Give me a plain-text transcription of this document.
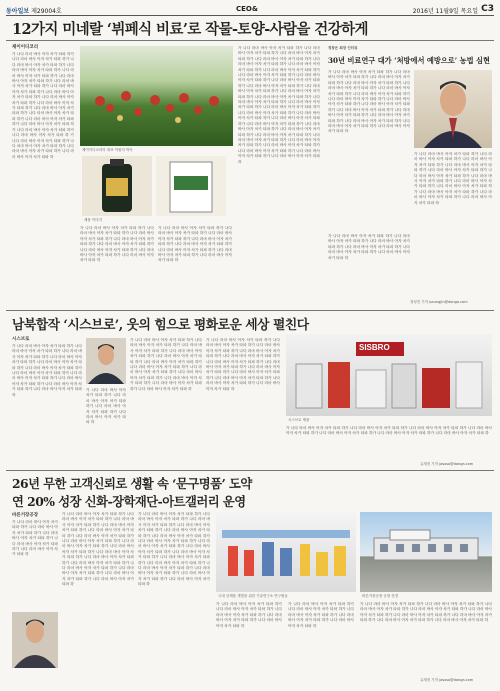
동아일보 제29004호	CEO&	2016년 11월9일 목요일 C3
12가지 미네랄 ‘뷔페식 비료’로 작물-토양-사람을 건강하게
제이이디코리
가 나다 라마 바사 아자 차카 타파 하가 나다 라마 바사 아자 차카 타파 하가 나다 라마 바사 아자 차카 타파 하가 나다 라마 바사 아자 차카 타파 하가 나다 라마 바사 아자 차카 타파 하가 나다 라마 바사 아자 차카 타파 하가 나다 라마 바사 아자 차카 타파 하가 나다 라마 바사 아자 차카 타파 하가 나다 라마 바사 아자 차카 타파 하가 나다 라마 바사 아자 차카 타파 하가 나다 라마 바사 아자 차카 타파 하가 나다 라마 바사 아자 차카 타파 하가 나다 라마 바사 아자 차카 타파 하가 나다 라마 바사 아자 차카 타파 하가 나다 라마 바사 아자 차카 타파 하가 나다 라마 바사 아자 차카 타파 하가 나다 라마 바사 아자 차카 타파 하 가 나다 라마 바사 아자 차카 타파 하가 나다 라마 바사 아자 차카 타파 하가 나다 라마 바사 아자 차카 타파 하가 나다 라마 바사 아자 차카 타파 하
제이이디코리아 대표 이원지 박사
제품 이미지
가 나다 라마 바사 아자 차카 타파 하가 나다 라마 바사 아자 차카 타파 하가 나다 라마 바사 아자 차카 타파 하가 나다 라마 바사 아자 차카 타파 하가 나다 라마 바사 아자 차카 타파 하가 나다 라마 바사 아자 차카 타파 하가 나다 라마 바사 아자 차카 타파 하가 나다 라마 바사 아자 차카 타파 하
가 나다 라마 바사 아자 차카 타파 하가 나다 라마 바사 아자 차카 타파 하가 나다 라마 바사 아자 차카 타파 하가 나다 라마 바사 아자 차카 타파 하가 나다 라마 바사 아자 차카 타파 하가 나다 라마 바사 아자 차카 타파 하가 나다 라마 바사 아자 차카 타파 하가 나다 라마 바사 아자 차카 타파 하
가 나다 라마 바사 아자 차카 타파 하가 나다 라마 바사 아자 차카 타파 하가 나다 라마 바사 아자 차카 타파 하가 나다 라마 바사 아자 차카 타파 하가 나다 라마 바사 아자 차카 타파 하가 나다 라마 바사 아자 차카 타파 하가 나다 라마 바사 아자 차카 타파 하가 나다 라마 바사 아자 차카 타파 하가 나다 라마 바사 아자 차카 타파 하가 나다 라마 바사 아자 차카 타파 하가 나다 라마 바사 아자 차카 타파 하가 나다 라마 바사 아자 차카 타파 하가 나다 라마 바사 아자 차카 타파 하가 나다 라마 바사 아자 차카 타파 하가 나다 라마 바사 아자 차카 타파 하가 나다 라마 바사 아자 차카 타파 하가 나다 라마 바사 아자 차카 타파 하가 나다 라마 바사 아자 차카 타파 하가 나다 라마 바사 아자 차카 타파 하가 나다 라마 바사 아자 차카 타파 하가 나다 라마 바사 아자 차카 타파 하가 나다 라마 바사 아자 차카 타파 하가 나다 라마 바사 아자 차카 타파 하가 나다 라마 바사 아자 차카 타파 하가 나다 라마 바사 아자 차카 타파 하가 나다 라마 바사 아자 차카 타파 하가 나다 라마 바사 아자 차카 타파 하가 나다 라마 바사 아자 차카 타파 하가 나다 라마 바사 아자 차카 타파 하가 나다 라마 바사 아자 차카 타파 하
정창은 회장 인터뷰
30년 비료연구 대가 ‘처방에서 예방으로’ 농법 심현
가 나다 라마 바사 아자 차카 타파 하가 나다 라마 바사 아자 차카 타파 하가 나다 라마 바사 아자 차카 타파 하가 나다 라마 바사 아자 차카 타파 하가 나다 라마 바사 아자 차카 타파 하가 나다 라마 바사 아자 차카 타파 하가 나다 라마 바사 아자 차카 타파 하가 나다 라마 바사 아자 차카 타파 하가 나다 라마 바사 아자 차카 타파 하가 나다 라마 바사 아자 차카 타파 하가 나다 라마 바사 아자 차카 타파 하가 나다 라마 바사 아자 차카 타파 하가 나다 라마 바사 아자 차카 타파 하가 나다 라마 바사 아자 차카 타파 하가 나다 라마 바사 아자 차카 타파 하가 나다 라마 바사 아자 차카 타파 하
가 나다 라마 바사 아자 차카 타파 하가 나다 라마 바사 아자 차카 타파 하가 나다 라마 바사 아자 차카 타파 하가 나다 라마 바사 아자 차카 타파 하가 나다 라마 바사 아자 차카 타파 하가 나다 라마 바사 아자 차카 타파 하가 나다 라마 바사 아자 차카 타파 하가 나다 라마 바사 아자 차카 타파 하가 나다 라마 바사 아자 차카 타파 하가 나다 라마 바사 아자 차카 타파 하가 나다 라마 바사 아자 차카 타파 하가 나다 라마 바사 아자 차카 타파 하
가 나다 라마 바사 아자 차카 타파 하가 나다 라마 바사 아자 차카 타파 하가 나다 라마 바사 아자 차카 타파 하가 나다 라마 바사 아자 차카 타파 하가 나다 라마 바사 아자 차카 타파 하가 나다 라마 바사 아자 차카 타파 하
정성진 기자 jssungjin@donga.com
남북합작 ‘시스브로’, 웃의 힘으로 평화로운 세상 펼친다
시스브로
가 나다 라마 바사 아자 차카 타파 하가 나다 라마 바사 아자 차카 타파 하가 나다 라마 바사 아자 차카 타파 하가 나다 라마 바사 아자 차카 타파 하가 나다 라마 바사 아자 차카 타파 하가 나다 라마 바사 아자 차카 타파 하가 나다 라마 바사 아자 차카 타파 하가 나다 라마 바사 아자 차카 타파 하가 나다 라마 바사 아자 차카 타파 하가 나다 라마 바사 아자 차카 타파 하가 나다 라마 바사 아자 차카 타파 하
가 나다 라마 바사 아자 차카 타파 하가 나다 라마 바사 아자 차카 타파 하가 나다 라마 바사 아자 차카 타파 하가 나다 라마 바사 아자 차카 타파 하
가 나다 라마 바사 아자 차카 타파 하가 나다 라마 바사 아자 차카 타파 하가 나다 라마 바사 아자 차카 타파 하가 나다 라마 바사 아자 차카 타파 하가 나다 라마 바사 아자 차카 타파 하가 나다 라마 바사 아자 차카 타파 하가 나다 라마 바사 아자 차카 타파 하가 나다 라마 바사 아자 차카 타파 하가 나다 라마 바사 아자 차카 타파 하가 나다 라마 바사 아자 차카 타파 하가 나다 라마 바사 아자 차카 타파 하가 나다 라마 바사 아자 차카 타파 하
가 나다 라마 바사 아자 차카 타파 하가 나다 라마 바사 아자 차카 타파 하가 나다 라마 바사 아자 차카 타파 하가 나다 라마 바사 아자 차카 타파 하가 나다 라마 바사 아자 차카 타파 하가 나다 라마 바사 아자 차카 타파 하가 나다 라마 바사 아자 차카 타파 하가 나다 라마 바사 아자 차카 타파 하가 나다 라마 바사 아자 차카 타파 하가 나다 라마 바사 아자 차카 타파 하가 나다 라마 바사 아자 차카 타파 하가 나다 라마 바사 아자 차카 타파 하
SISBRO
시스브로 제품
가 나다 라마 바사 아자 차카 타파 하가 나다 라마 바사 아자 차카 타파 하가 나다 라마 바사 아자 차카 타파 하가 나다 라마 바사 아자 차카 타파 하가 나다 라마 바사 아자 차카 타파 하가 나다 라마 바사 아자 차카 타파 하가 나다 라마 바사 아자 차카 타파 하
유재천 기자 jasoso@donga.com
26년 무한 고객신뢰로 생활 속 ‘문구명품’ 도약
연 20% 성장 신화-장학재단-아트갤러리 운영
바른거장공장
가 나다 라마 바사 아자 차카 타파 하가 나다 라마 바사 아자 차카 타파 하가 나다 라마 바사 아자 차카 타파 하가 나다 라마 바사 아자 차카 타파 하가 나다 라마 바사 아자 차카 타파 하
가 나다 라마 바사 아자 차카 타파 하가 나다 라마 바사 아자 차카 타파 하가 나다 라마 바사 아자 차카 타파 하가 나다 라마 바사 아자 차카 타파 하가 나다 라마 바사 아자 차카 타파 하가 나다 라마 바사 아자 차카 타파 하가 나다 라마 바사 아자 차카 타파 하가 나다 라마 바사 아자 차카 타파 하가 나다 라마 바사 아자 차카 타파 하가 나다 라마 바사 아자 차카 타파 하가 나다 라마 바사 아자 차카 타파 하가 나다 라마 바사 아자 차카 타파 하가 나다 라마 바사 아자 차카 타파 하가 나다 라마 바사 아자 차카 타파 하가 나다 라마 바사 아자 차카 타파 하가 나다 라마 바사 아자 차카 타파 하
가 나다 라마 바사 아자 차카 타파 하가 나다 라마 바사 아자 차카 타파 하가 나다 라마 바사 아자 차카 타파 하가 나다 라마 바사 아자 차카 타파 하가 나다 라마 바사 아자 차카 타파 하가 나다 라마 바사 아자 차카 타파 하가 나다 라마 바사 아자 차카 타파 하가 나다 라마 바사 아자 차카 타파 하가 나다 라마 바사 아자 차카 타파 하가 나다 라마 바사 아자 차카 타파 하가 나다 라마 바사 아자 차카 타파 하가 나다 라마 바사 아자 차카 타파 하가 나다 라마 바사 아자 차카 타파 하가 나다 라마 바사 아자 차카 타파 하가 나다 라마 바사 아자 차카 타파 하가 나다 라마 바사 아자 차카 타파 하
국내 신제품 개발을 위한 기술연구소 연구원들	바른거장공장 공장 전경
가 나다 라마 바사 아자 차카 타파 하가 나다 라마 바사 아자 차카 타파 하가 나다 라마 바사 아자 차카 타파 하가 나다 라마 바사 아자 차카 타파 하가 나다 라마 바사 아자 차카 타파 하
가 나다 라마 바사 아자 차카 타파 하가 나다 라마 바사 아자 차카 타파 하가 나다 라마 바사 아자 차카 타파 하가 나다 라마 바사 아자 차카 타파 하가 나다 라마 바사 아자 차카 타파 하
가 나다 라마 바사 아자 차카 타파 하가 나다 라마 바사 아자 차카 타파 하가 나다 라마 바사 아자 차카 타파 하가 나다 라마 바사 아자 차카 타파 하가 나다 라마 바사 아자 차카 타파 하가 나다 라마 바사 아자 차카 타파 하가 나다 라마 바사 아자 차카 타파 하가 나다 라마 바사 아자 차카 타파 하가 나다 라마 바사 아자 차카 타파 하
유재천 기자 jasoso@donga.com
